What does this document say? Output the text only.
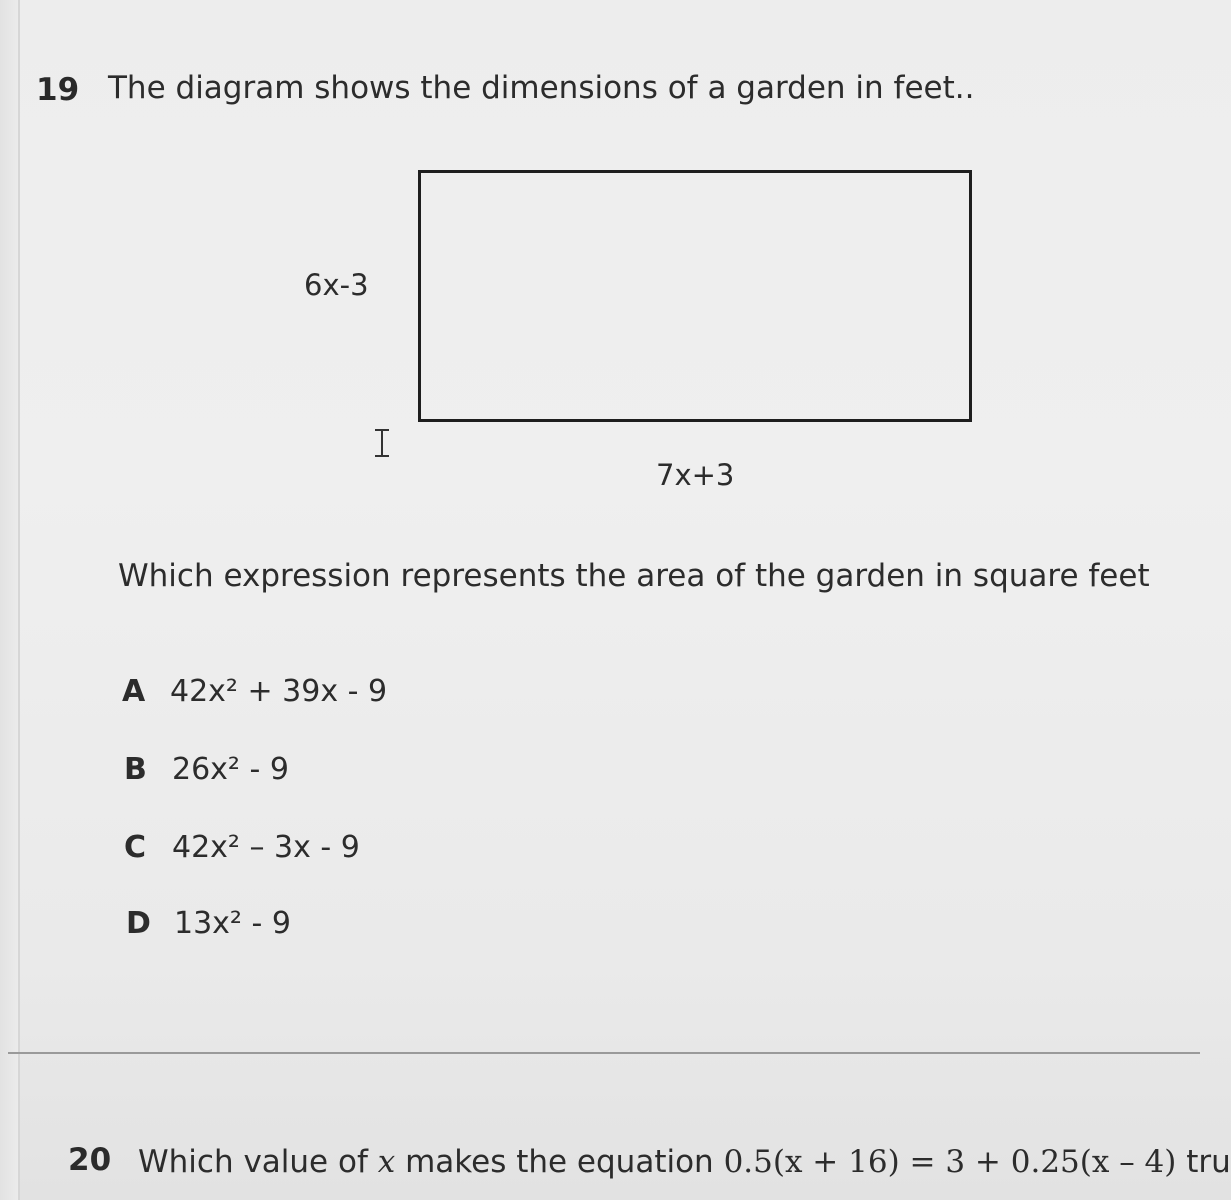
19 The diagram shows the dimensions of a garden in feet..
6x-3
7x+3
Which expression represents the area of the garden in square feet
A 42x² + 39x - 9
B 26x² - 9
C 42x² – 3x - 9
D 13x² - 9
20 Which value of x makes the equation 0.5(x + 16) = 3 + 0.25(x – 4) tru
